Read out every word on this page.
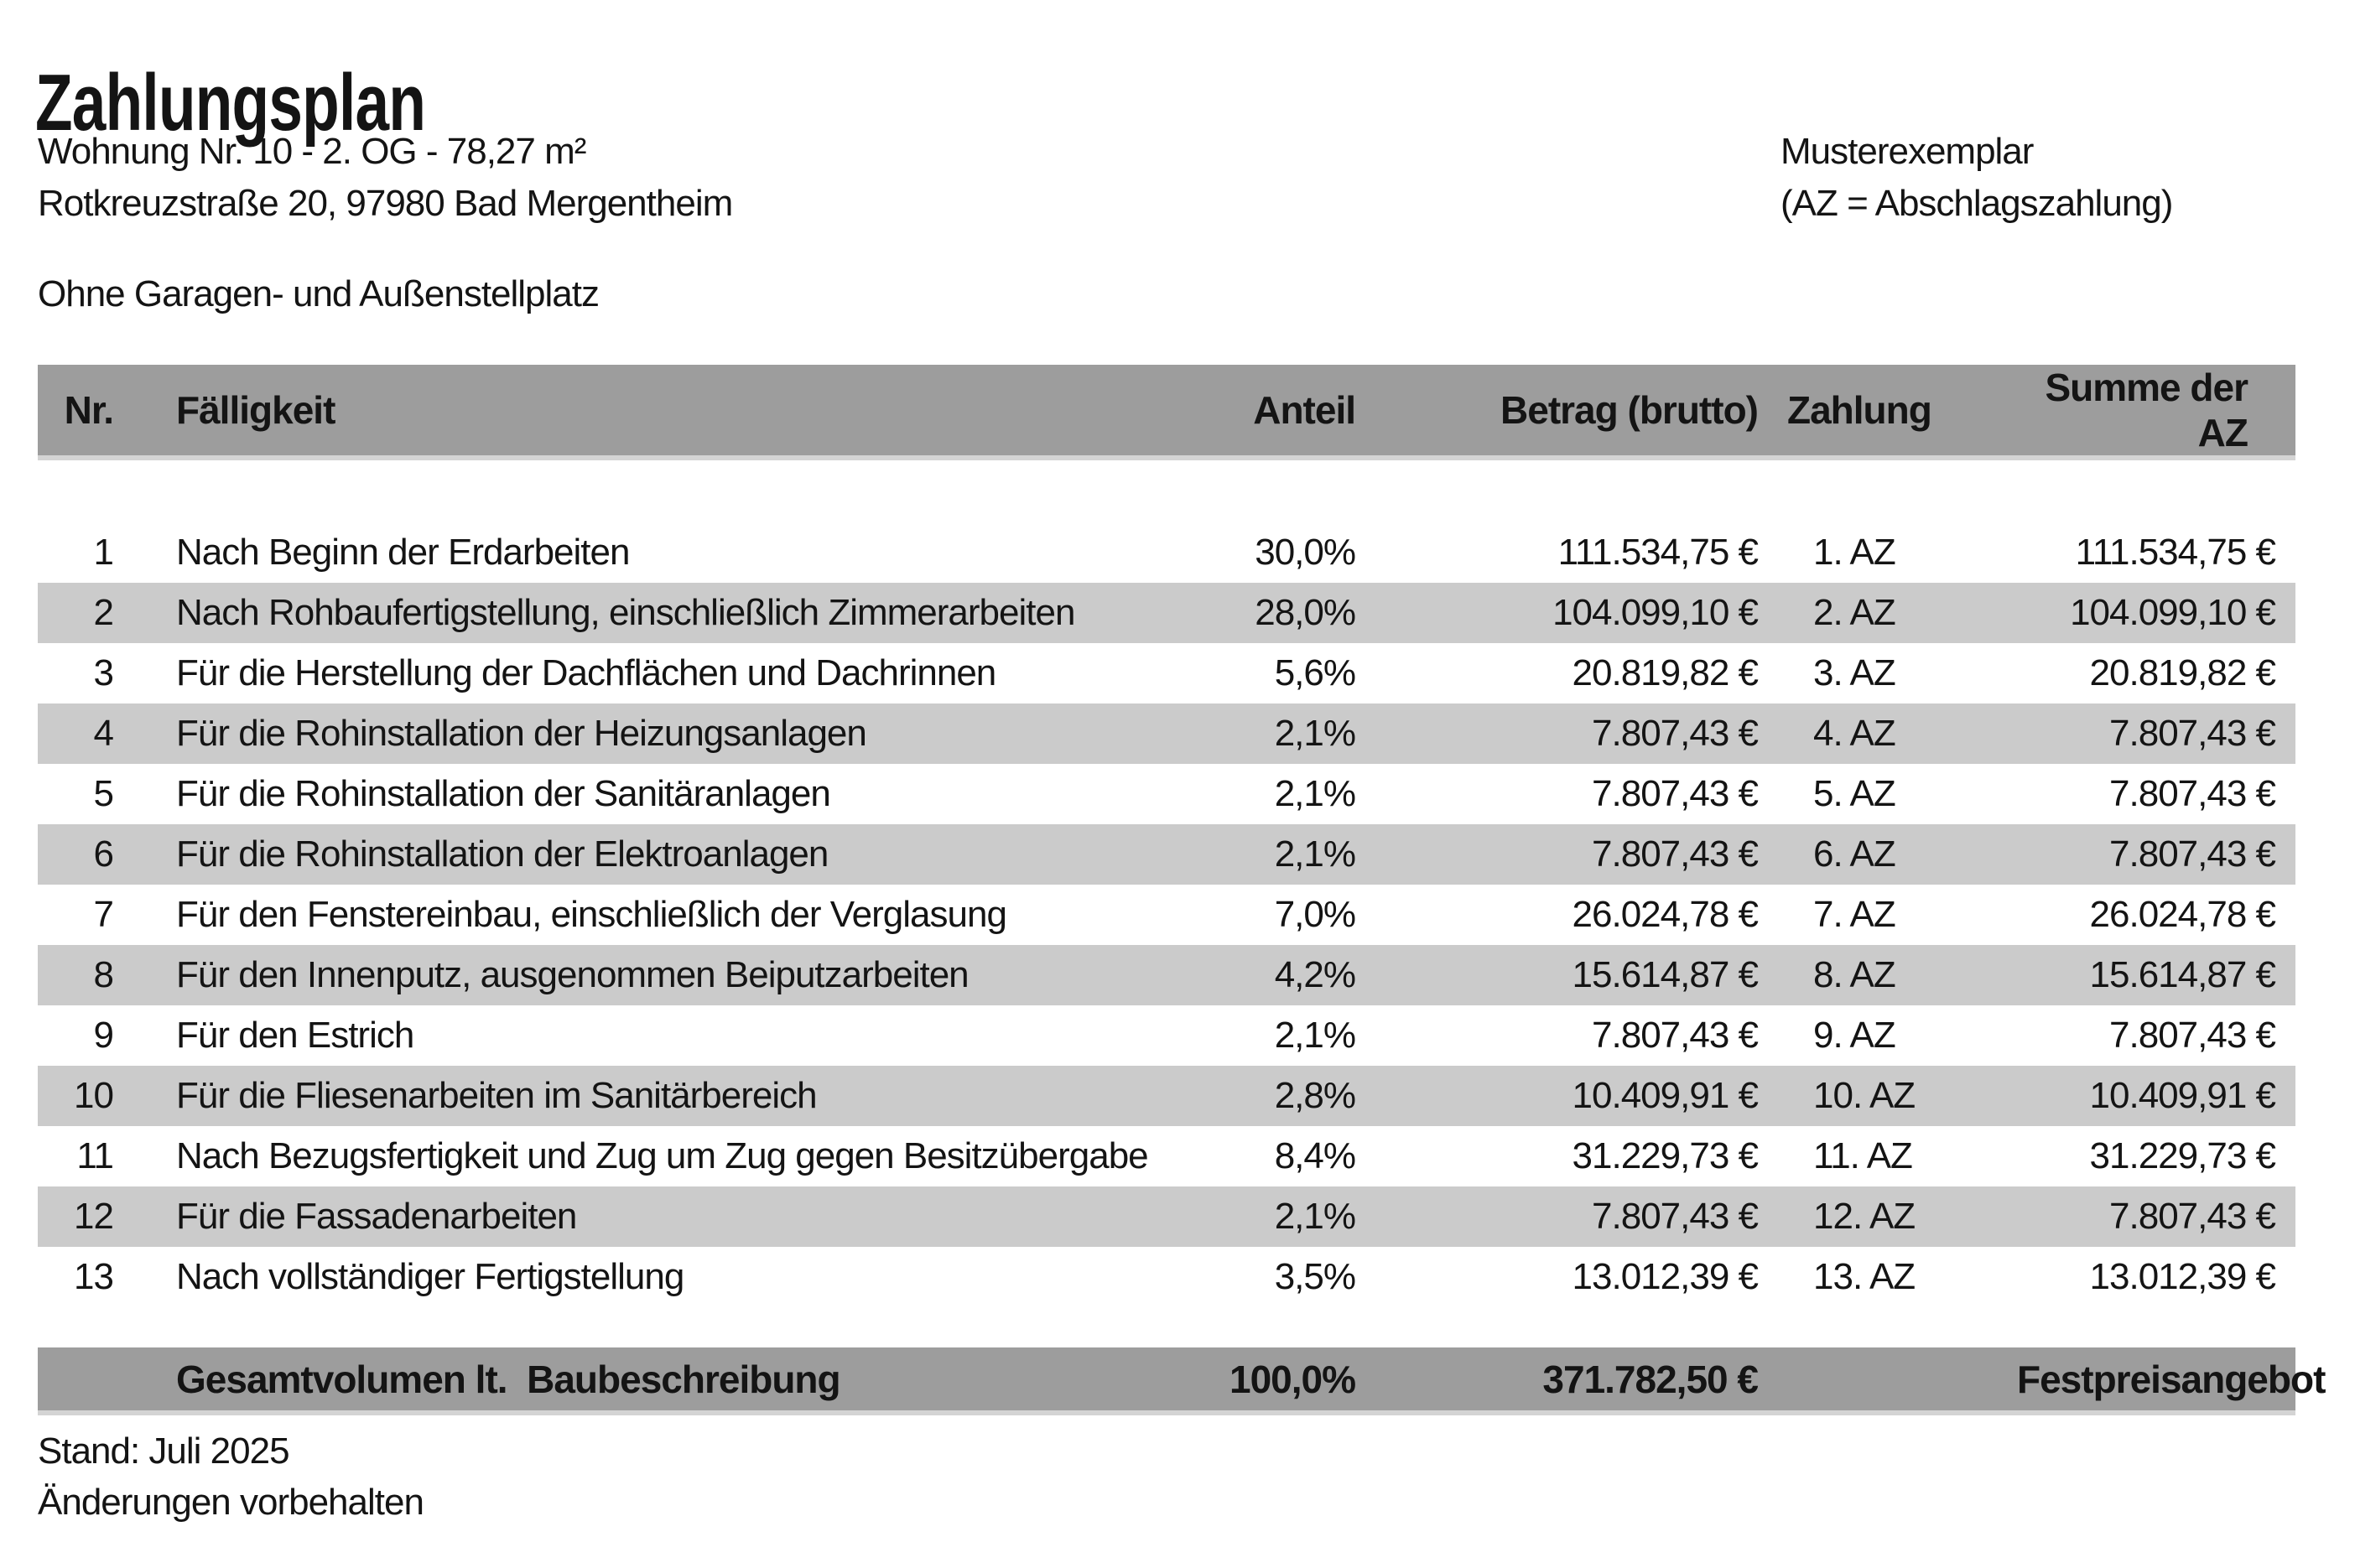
Zahlungsplan
Wohnung Nr. 10 - 2. OG - 78,27 m²
Rotkreuzstraße 20, 97980 Bad Mergentheim
Musterexemplar
(AZ = Abschlagszahlung)
Ohne Garagen- und Außenstellplatz
Nr.	Fälligkeit	Anteil	Betrag (brutto)	Zahlung	Summe der AZ

1	Nach Beginn der Erdarbeiten	30,0%	111.534,75 €	1. AZ	111.534,75 €
2	Nach Rohbaufertigstellung, einschließlich Zimmerarbeiten	28,0%	104.099,10 €	2. AZ	104.099,10 €
3	Für die Herstellung der Dachflächen und Dachrinnen	5,6%	20.819,82 €	3. AZ	20.819,82 €
4	Für die Rohinstallation der Heizungsanlagen	2,1%	7.807,43 €	4. AZ	7.807,43 €
5	Für die Rohinstallation der Sanitäranlagen	2,1%	7.807,43 €	5. AZ	7.807,43 €
6	Für die Rohinstallation der Elektroanlagen	2,1%	7.807,43 €	6. AZ	7.807,43 €
7	Für den Fenstereinbau, einschließlich der Verglasung	7,0%	26.024,78 €	7. AZ	26.024,78 €
8	Für den Innenputz, ausgenommen Beiputzarbeiten	4,2%	15.614,87 €	8. AZ	15.614,87 €
9	Für den Estrich	2,1%	7.807,43 €	9. AZ	7.807,43 €
10	Für die Fliesenarbeiten im Sanitärbereich	2,8%	10.409,91 €	10. AZ	10.409,91 €
11	Nach Bezugsfertigkeit und Zug um Zug gegen Besitzübergabe	8,4%	31.229,73 €	11. AZ	31.229,73 €
12	Für die Fassadenarbeiten	2,1%	7.807,43 €	12. AZ	7.807,43 €
13	Nach vollständiger Fertigstellung	3,5%	13.012,39 €	13. AZ	13.012,39 €

	Gesamtvolumen lt.  Baubeschreibung	100,0%	371.782,50 €		Festpreisangebot
Stand: Juli 2025
Änderungen vorbehalten
